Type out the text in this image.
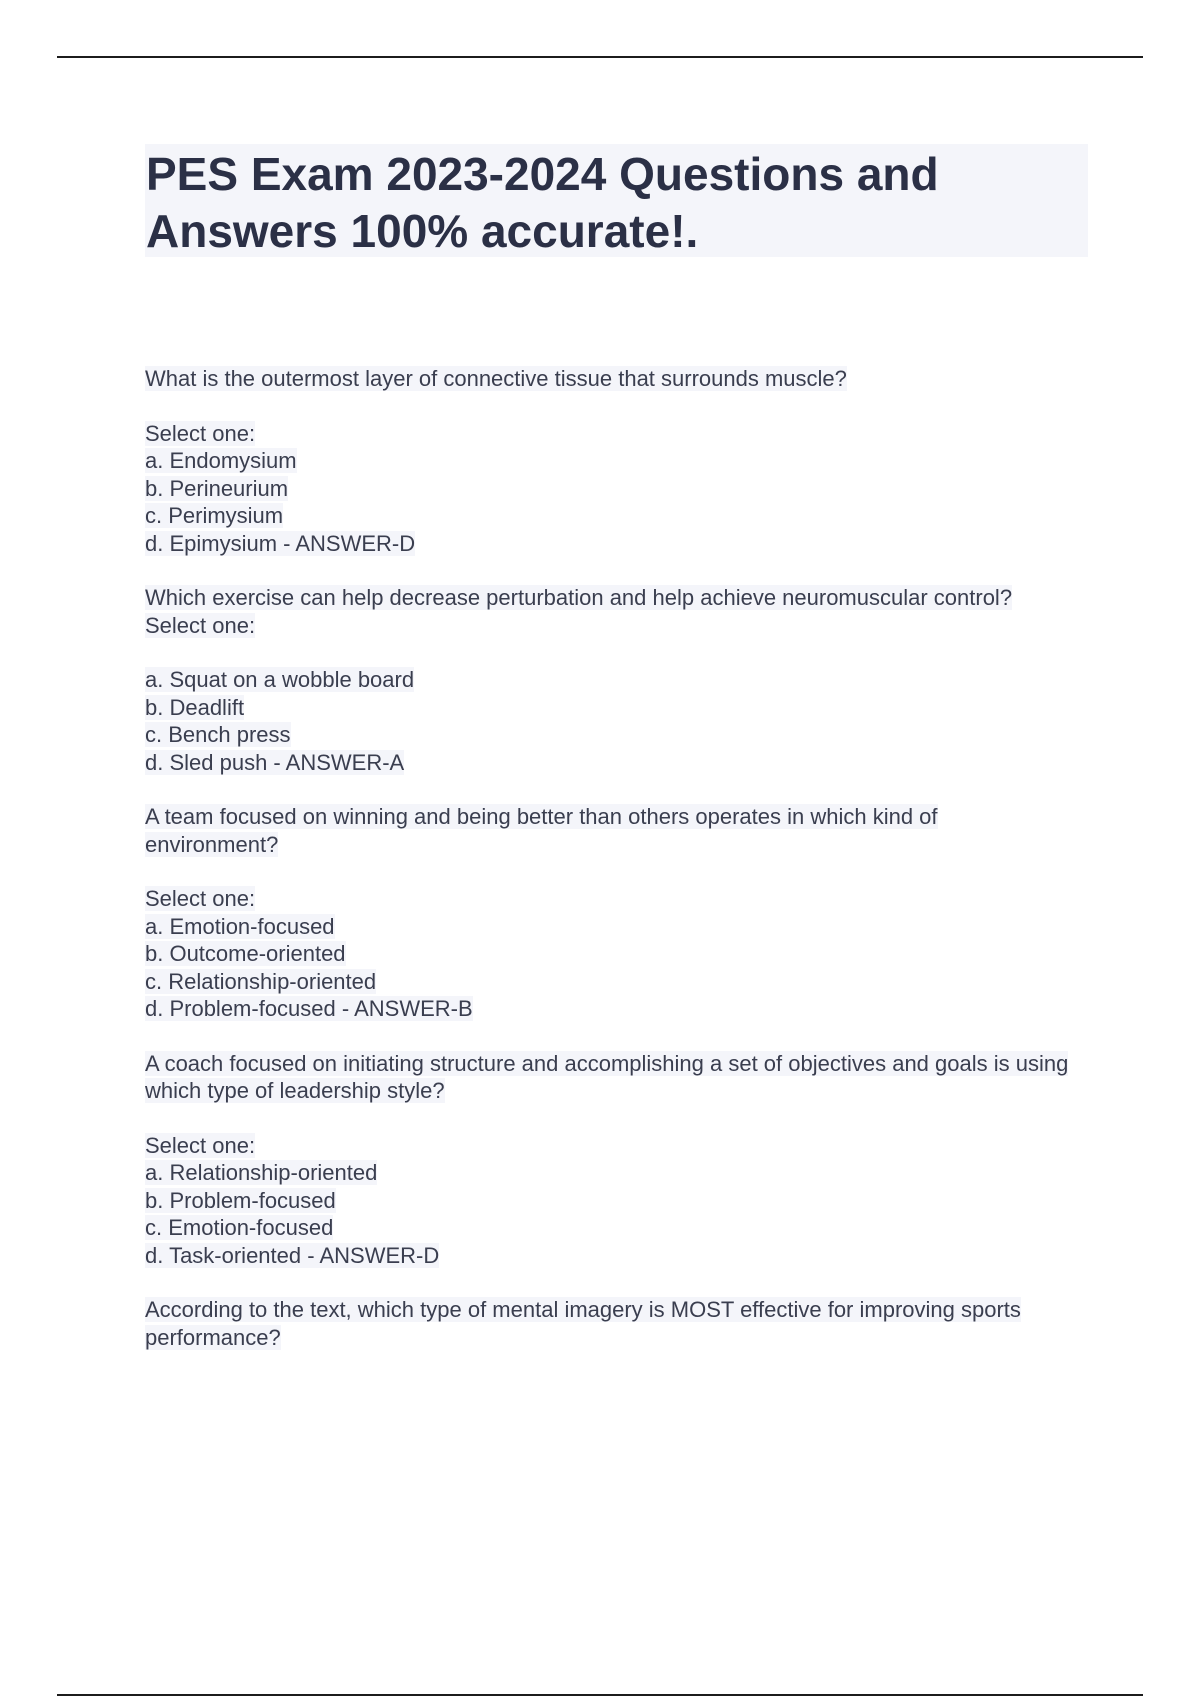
PES Exam 2023-2024 Questions and Answers 100% accurate!.
What is the outermost layer of connective tissue that surrounds muscle?
Select one:
a. Endomysium
b. Perineurium
c. Perimysium
d. Epimysium - ANSWER-D
Which exercise can help decrease perturbation and help achieve neuromuscular control?
Select one:
a. Squat on a wobble board
b. Deadlift
c. Bench press
d. Sled push - ANSWER-A
A team focused on winning and being better than others operates in which kind of environment?
Select one:
a. Emotion-focused
b. Outcome-oriented
c. Relationship-oriented
d. Problem-focused - ANSWER-B
A coach focused on initiating structure and accomplishing a set of objectives and goals is using which type of leadership style?
Select one:
a. Relationship-oriented
b. Problem-focused
c. Emotion-focused
d. Task-oriented - ANSWER-D
According to the text, which type of mental imagery is MOST effective for improving sports performance?
